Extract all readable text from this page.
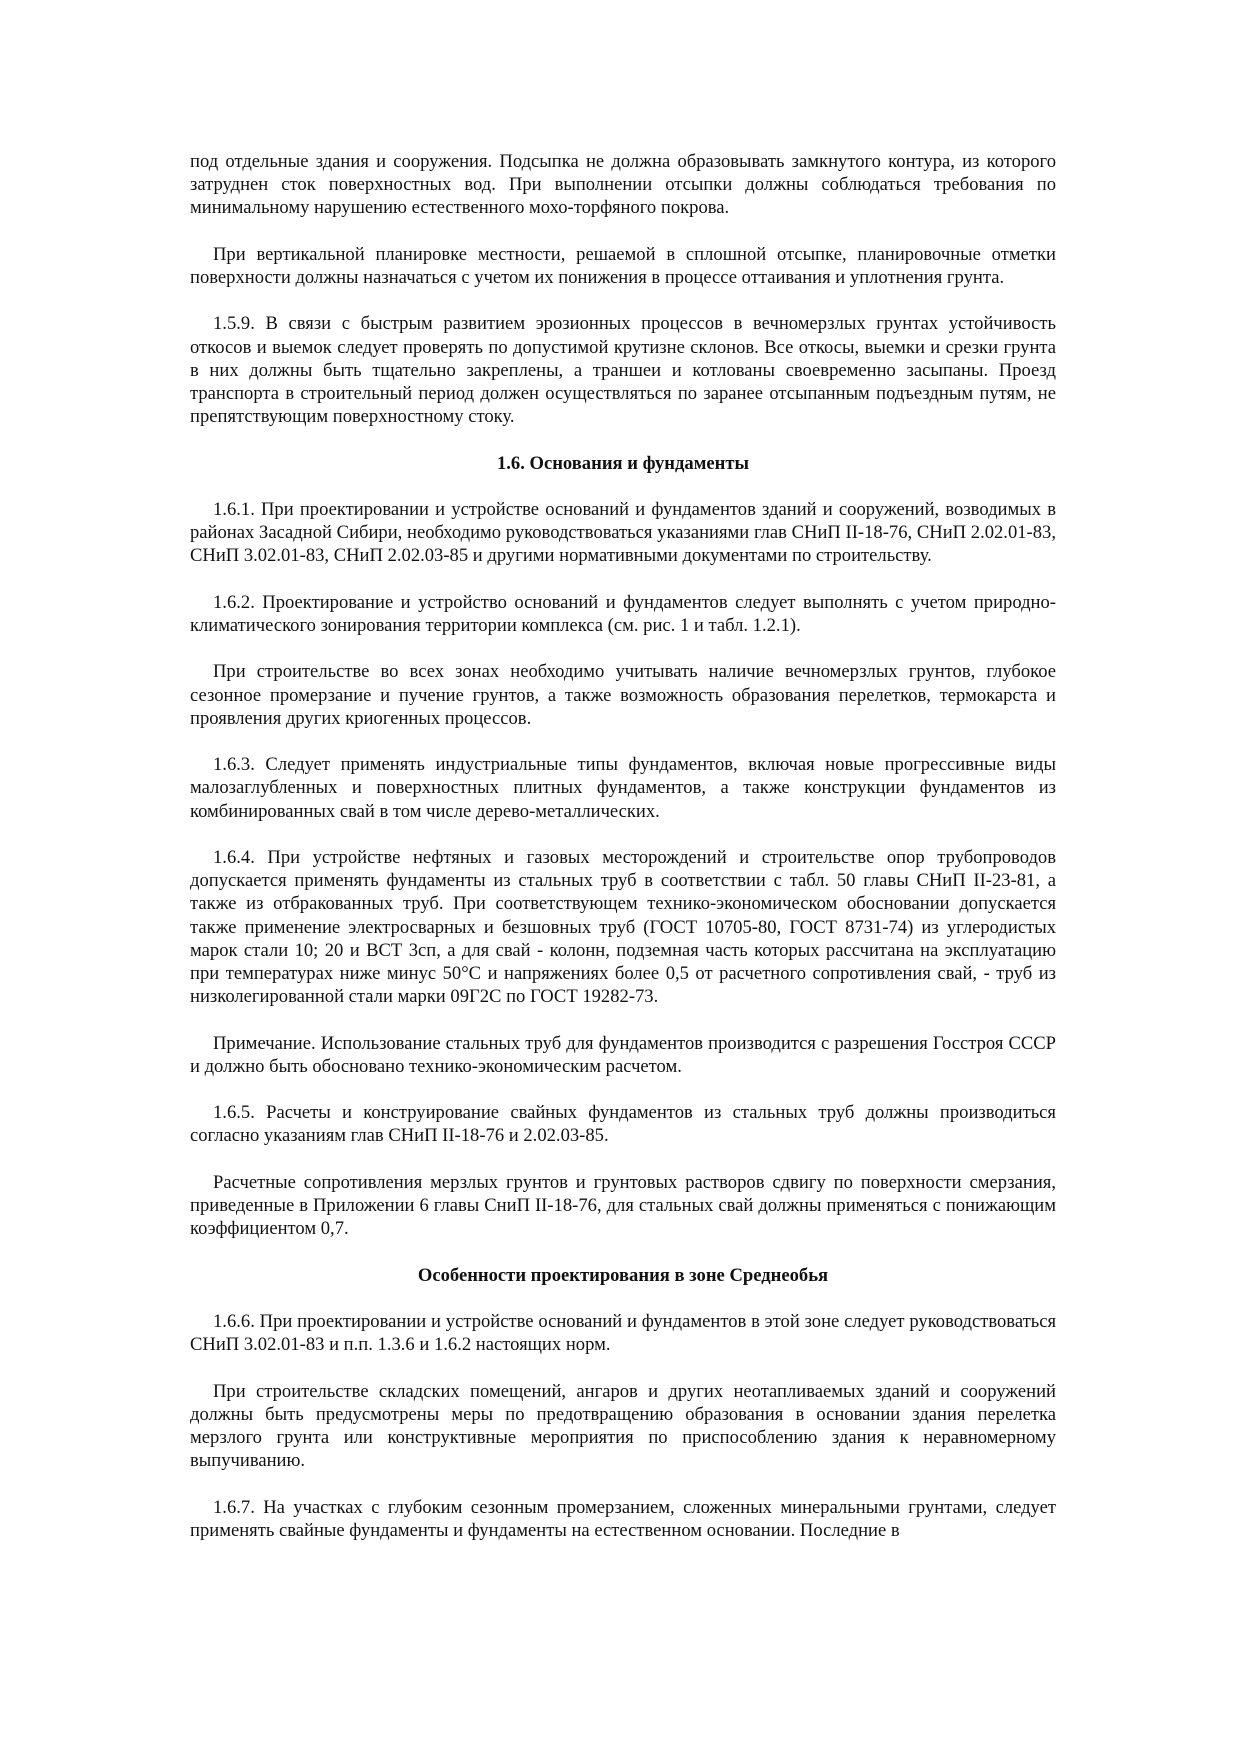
под отдельные здания и сооружения. Подсыпка не должна образовывать замкнутого контура, из которого затруднен сток поверхностных вод. При выполнении отсыпки должны соблюдаться требования по минимальному нарушению естественного мохо-торфяного покрова.

При вертикальной планировке местности, решаемой в сплошной отсыпке, планировочные отметки поверхности должны назначаться с учетом их понижения в процессе оттаивания и уплотнения грунта.

1.5.9. В связи с быстрым развитием эрозионных процессов в вечномерзлых грунтах устойчивость откосов и выемок следует проверять по допустимой крутизне склонов. Все откосы, выемки и срезки грунта в них должны быть тщательно закреплены, а траншеи и котлованы своевременно засыпаны. Проезд транспорта в строительный период должен осуществляться по заранее отсыпанным подъездным путям, не препятствующим поверхностному стоку.

1.6. Основания и фундаменты

1.6.1. При проектировании и устройстве оснований и фундаментов зданий и сооружений, возводимых в районах Засадной Сибири, необходимо руководствоваться указаниями глав СНиП II-18-76, СНиП 2.02.01-83, СНиП 3.02.01-83, СНиП 2.02.03-85 и другими нормативными документами по строительству.

1.6.2. Проектирование и устройство оснований и фундаментов следует выполнять с учетом природно-климатического зонирования территории комплекса (см. рис. 1 и табл. 1.2.1).

При строительстве во всех зонах необходимо учитывать наличие вечномерзлых грунтов, глубокое сезонное промерзание и пучение грунтов, а также возможность образования перелетков, термокарста и проявления других криогенных процессов.

1.6.3. Следует применять индустриальные типы фундаментов, включая новые прогрессивные виды малозаглубленных и поверхностных плитных фундаментов, а также конструкции фундаментов из комбинированных свай в том числе дерево-металлических.

1.6.4. При устройстве нефтяных и газовых месторождений и строительстве опор трубопроводов допускается применять фундаменты из стальных труб в соответствии с табл. 50 главы СНиП II-23-81, а также из отбракованных труб. При соответствующем технико-экономическом обосновании допускается также применение электросварных и безшовных труб (ГОСТ 10705-80, ГОСТ 8731-74) из углеродистых марок стали 10; 20 и ВСТ 3сп, а для свай - колонн, подземная часть которых рассчитана на эксплуатацию при температурах ниже минус 50°С и напряжениях более 0,5 от расчетного сопротивления свай, - труб из низколегированной стали марки 09Г2С по ГОСТ 19282-73.

Примечание. Использование стальных труб для фундаментов производится с разрешения Госстроя СССР и должно быть обосновано технико-экономическим расчетом.

1.6.5. Расчеты и конструирование свайных фундаментов из стальных труб должны производиться согласно указаниям глав СНиП II-18-76 и 2.02.03-85.

Расчетные сопротивления мерзлых грунтов и грунтовых растворов сдвигу по поверхности смерзания, приведенные в Приложении 6 главы СниП II-18-76, для стальных свай должны применяться с понижающим коэффициентом 0,7.

Особенности проектирования в зоне Среднеобья

1.6.6. При проектировании и устройстве оснований и фундаментов в этой зоне следует руководствоваться СНиП 3.02.01-83 и п.п. 1.3.6 и 1.6.2 настоящих норм.

При строительстве складских помещений, ангаров и других неотапливаемых зданий и сооружений должны быть предусмотрены меры по предотвращению образования в основании здания перелетка мерзлого грунта или конструктивные мероприятия по приспособлению здания к неравномерному выпучиванию.

1.6.7. На участках с глубоким сезонным промерзанием, сложенных минеральными грунтами, следует применять свайные фундаменты и фундаменты на естественном основании. Последние в
